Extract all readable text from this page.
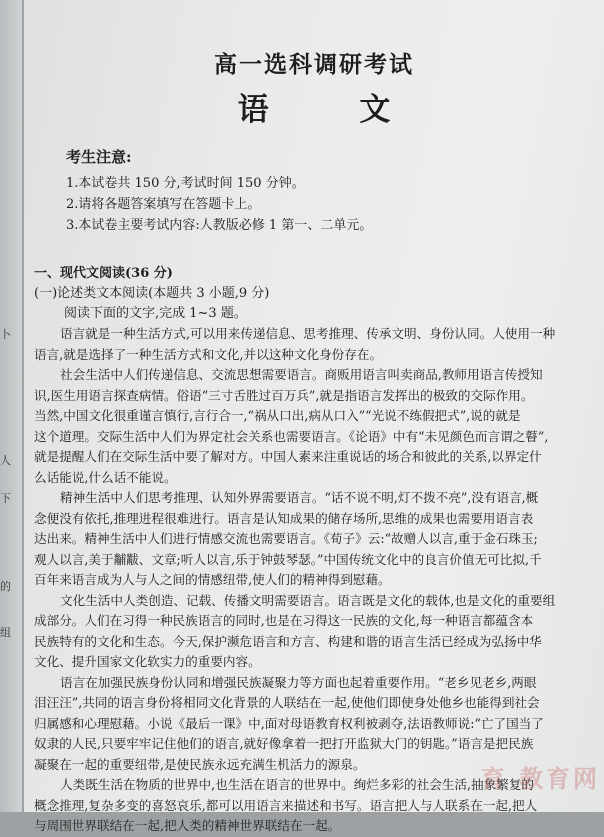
卜
人
下
的
组
高一选科调研考试
语 文
考生注意:
1.本试卷共 150 分,考试时间 150 分钟。
2.请将各题答案填写在答题卡上。
3.本试卷主要考试内容:人教版必修 1 第一、二单元。
一、现代文阅读(36 分)
(一)论述类文本阅读(本题共 3 小题,9 分)
阅读下面的文字,完成 1~3 题。
语言就是一种生活方式,可以用来传递信息、思考推理、传承文明、身份认同。人使用一种
语言,就是选择了一种生活方式和文化,并以这种文化身份存在。
社会生活中人们传递信息、交流思想需要语言。商贩用语言叫卖商品,教师用语言传授知
识,医生用语言探查病情。俗语“三寸舌胜过百万兵”,就是指语言发挥出的极致的交际作用。
当然,中国文化很重谨言慎行,言行合一,“祸从口出,病从口入”“光说不练假把式”,说的就是
这个道理。交际生活中人们为界定社会关系也需要语言。《论语》中有“未见颜色而言谓之瞽”,
就是提醒人们在交际生活中要了解对方。中国人素来注重说话的场合和彼此的关系,以界定什
么话能说,什么话不能说。
精神生活中人们思考推理、认知外界需要语言。“话不说不明,灯不拨不亮”,没有语言,概
念便没有依托,推理进程很难进行。语言是认知成果的储存场所,思维的成果也需要用语言表
达出来。精神生活中人们进行情感交流也需要语言。《荀子》云:“故赠人以言,重于金石珠玉;
观人以言,美于黼黻、文章;听人以言,乐于钟鼓琴瑟。”中国传统文化中的良言价值无可比拟,千
百年来语言成为人与人之间的情感纽带,使人们的精神得到慰藉。
文化生活中人类创造、记载、传播文明需要语言。语言既是文化的载体,也是文化的重要组
成部分。人们在习得一种民族语言的同时,也是在习得这一民族的文化,每一种语言都蕴含本
民族特有的文化和生态。今天,保护濒危语言和方言、构建和谐的语言生活已经成为弘扬中华
文化、提升国家文化软实力的重要内容。
语言在加强民族身份认同和增强民族凝聚力等方面也起着重要作用。“老乡见老乡,两眼
泪汪汪”,共同的语言身份将相同文化背景的人联结在一起,使他们即使身处他乡也能得到社会
归属感和心理慰藉。小说《最后一课》中,面对母语教育权利被剥夺,法语教师说:“亡了国当了
奴隶的人民,只要牢牢记住他们的语言,就好像拿着一把打开监狱大门的钥匙。”语言是把民族
凝聚在一起的重要纽带,是使民族永远充满生机活力的源泉。
人类既生活在物质的世界中,也生活在语言的世界中。绚烂多彩的社会生活,抽象繁复的
概念推理,复杂多变的喜怒哀乐,都可以用语言来描述和书写。语言把人与人联系在一起,把人
与周围世界联结在一起,把人类的精神世界联结在一起。
育 教育网
